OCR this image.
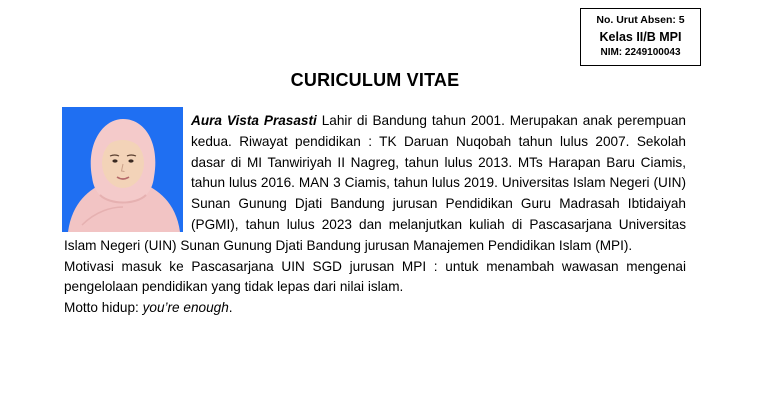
No. Urut Absen: 5
Kelas II/B MPI
NIM: 2249100043
CURICULUM VITAE

Aura Vista Prasasti Lahir di Bandung tahun 2001. Merupakan anak perempuan kedua. Riwayat pendidikan : TK Daruan Nuqobah tahun lulus 2007. Sekolah dasar di MI Tanwiriyah II Nagreg, tahun lulus 2013. MTs Harapan Baru Ciamis, tahun lulus 2016. MAN 3 Ciamis, tahun lulus 2019. Universitas Islam Negeri (UIN) Sunan Gunung Djati Bandung jurusan Pendidikan Guru Madrasah Ibtidaiyah (PGMI), tahun lulus 2023 dan melanjutkan kuliah di Pascasarjana Universitas Islam Negeri (UIN) Sunan Gunung Djati Bandung jurusan Manajemen Pendidikan Islam (MPI).

Motivasi masuk ke Pascasarjana UIN SGD jurusan MPI : untuk menambah wawasan mengenai pengelolaan pendidikan yang tidak lepas dari nilai islam.

Motto hidup: you’re enough.
